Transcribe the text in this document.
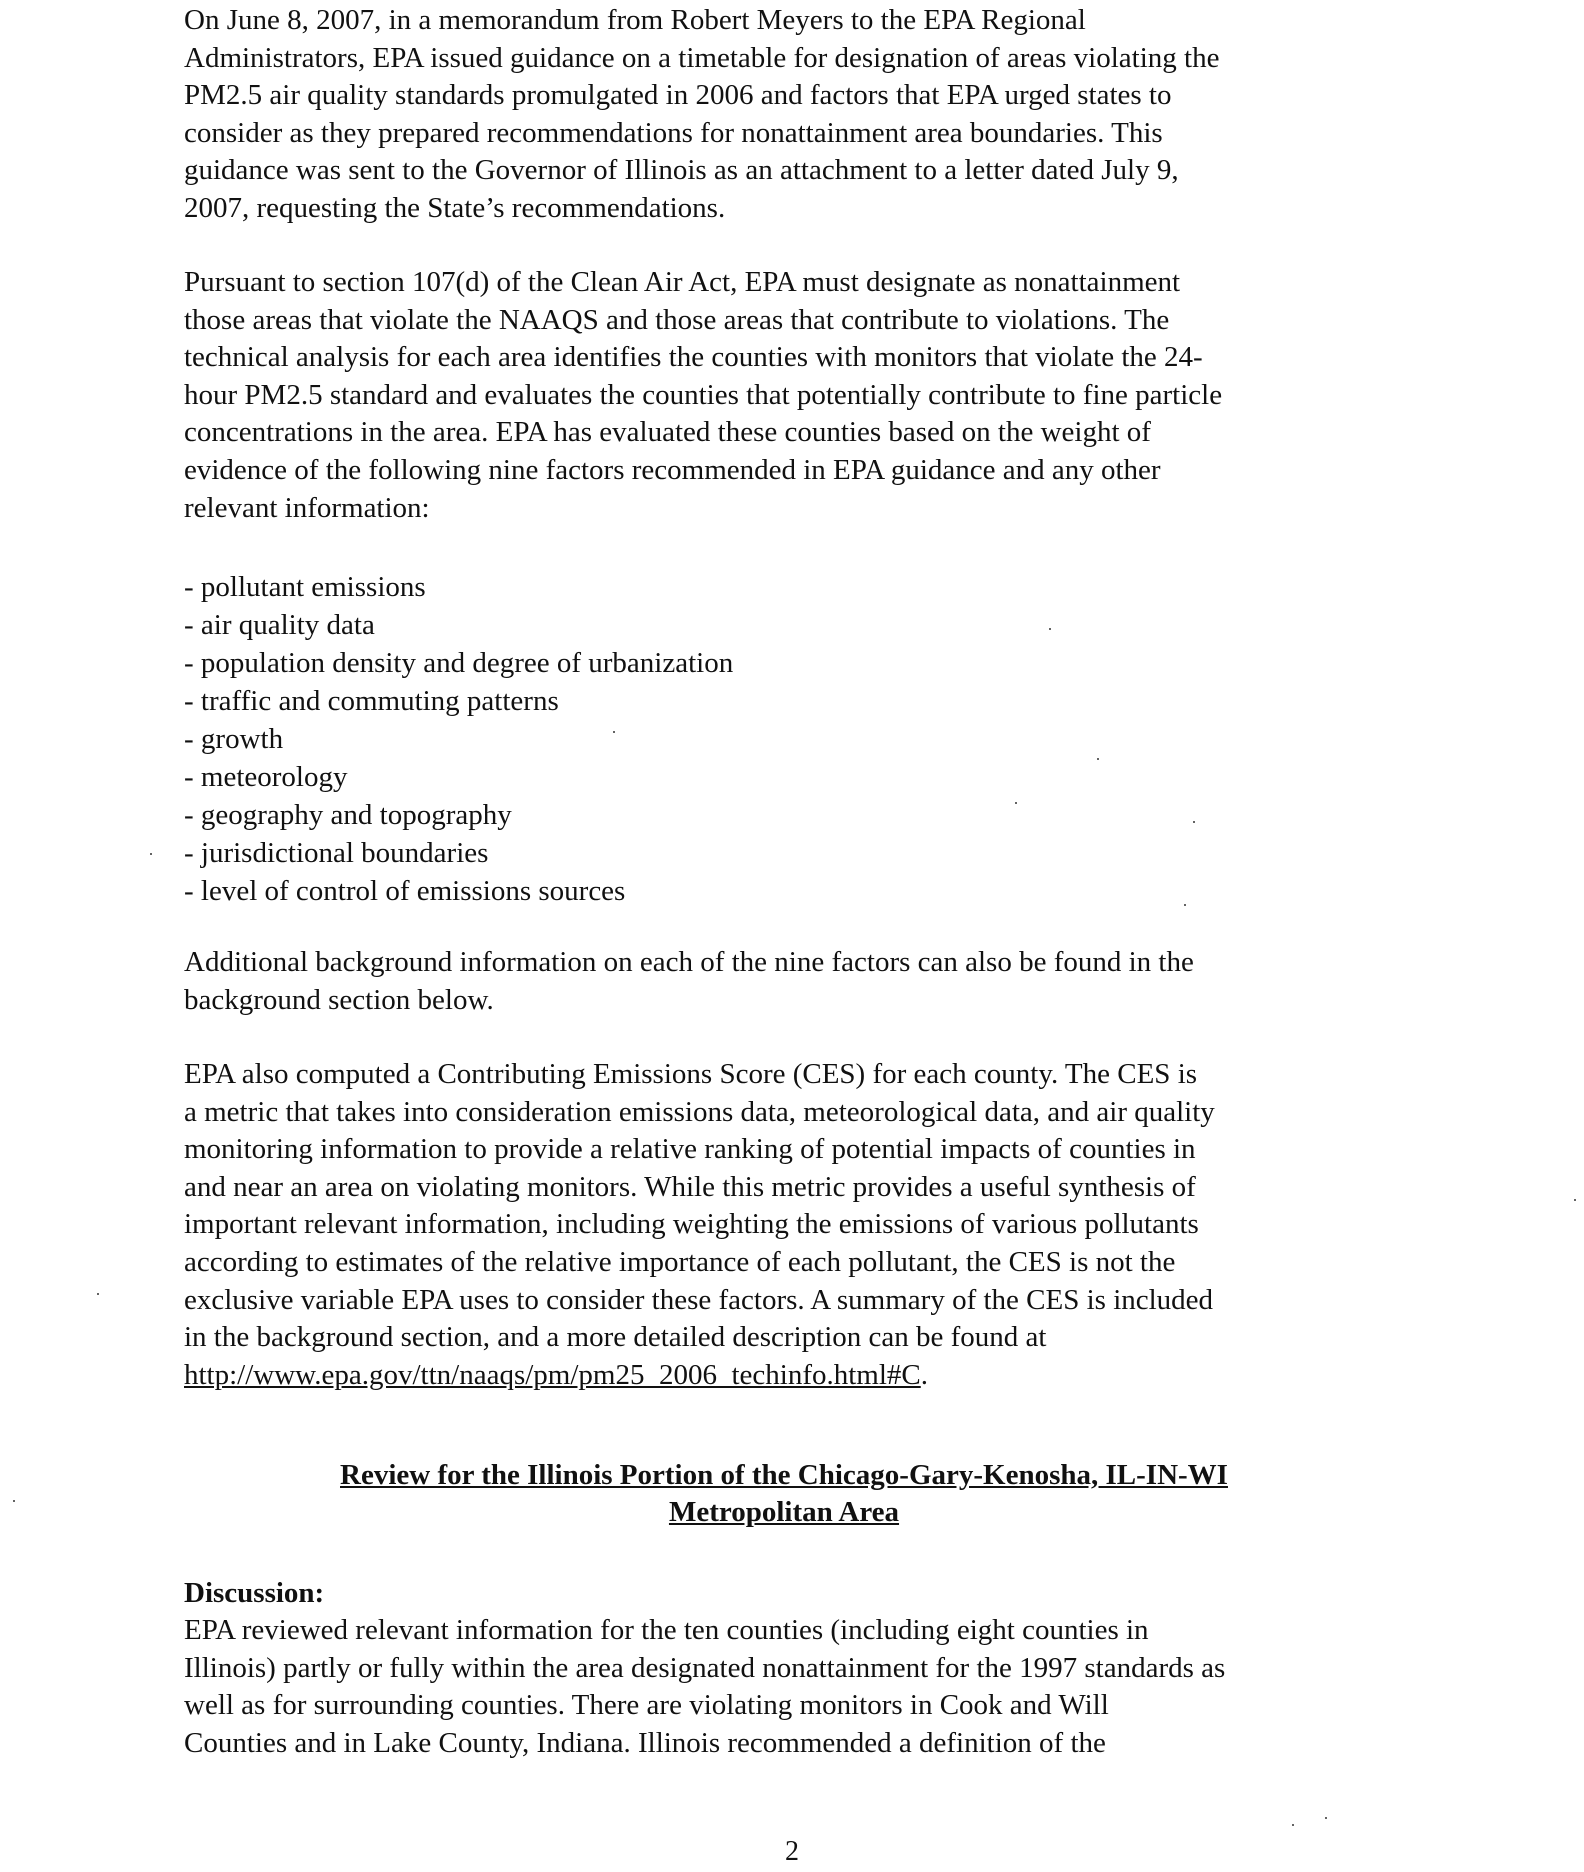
On June 8, 2007, in a memorandum from Robert Meyers to the EPA Regional
Administrators, EPA issued guidance on a timetable for designation of areas violating the
PM2.5 air quality standards promulgated in 2006 and factors that EPA urged states to
consider as they prepared recommendations for nonattainment area boundaries. This
guidance was sent to the Governor of Illinois as an attachment to a letter dated July 9,
2007, requesting the State’s recommendations.

Pursuant to section 107(d) of the Clean Air Act, EPA must designate as nonattainment
those areas that violate the NAAQS and those areas that contribute to violations. The
technical analysis for each area identifies the counties with monitors that violate the 24-
hour PM2.5 standard and evaluates the counties that potentially contribute to fine particle
concentrations in the area. EPA has evaluated these counties based on the weight of
evidence of the following nine factors recommended in EPA guidance and any other
relevant information:

- pollutant emissions
- air quality data
- population density and degree of urbanization
- traffic and commuting patterns
- growth
- meteorology
- geography and topography
- jurisdictional boundaries
- level of control of emissions sources

Additional background information on each of the nine factors can also be found in the
background section below.

EPA also computed a Contributing Emissions Score (CES) for each county. The CES is
a metric that takes into consideration emissions data, meteorological data, and air quality
monitoring information to provide a relative ranking of potential impacts of counties in
and near an area on violating monitors. While this metric provides a useful synthesis of
important relevant information, including weighting the emissions of various pollutants
according to estimates of the relative importance of each pollutant, the CES is not the
exclusive variable EPA uses to consider these factors. A summary of the CES is included
in the background section, and a more detailed description can be found at
http://www.epa.gov/ttn/naaqs/pm/pm25_2006_techinfo.html#C.

Review for the Illinois Portion of the Chicago-Gary-Kenosha, IL-IN-WI
Metropolitan Area
Discussion:

EPA reviewed relevant information for the ten counties (including eight counties in
Illinois) partly or fully within the area designated nonattainment for the 1997 standards as
well as for surrounding counties. There are violating monitors in Cook and Will
Counties and in Lake County, Indiana. Illinois recommended a definition of the

2
